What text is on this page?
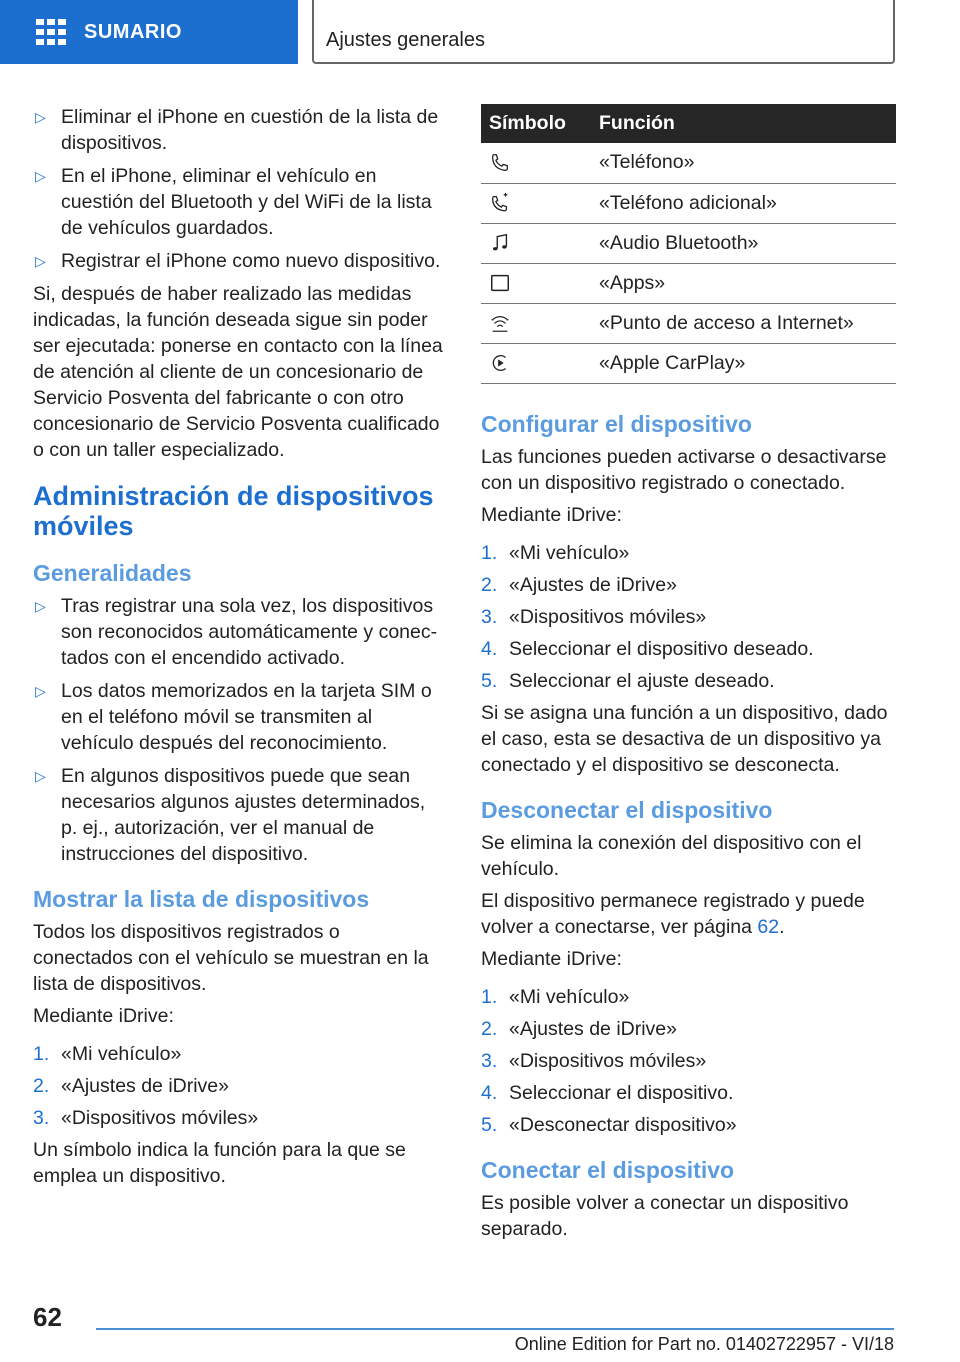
SUMARIO	Ajustes generales
▷ Eliminar el iPhone en cuestión de la lista de dispositivos.
▷ En el iPhone, eliminar el vehículo en cuestión del Bluetooth y del WiFi de la lista de vehículos guardados.
▷ Registrar el iPhone como nuevo dispositivo.

Si, después de haber realizado las medidas indicadas, la función deseada sigue sin poder ser ejecutada: ponerse en contacto con la línea de atención al cliente de un concesionario de Servicio Posventa del fabricante o con otro concesionario de Servicio Posventa cualificado o con un taller especializado.

Administración de dispositivos móviles
Generalidades
▷ Tras registrar una sola vez, los dispositivos son reconocidos automáticamente y conectados con el encendido activado.
▷ Los datos memorizados en la tarjeta SIM o en el teléfono móvil se transmiten al vehículo después del reconocimiento.
▷ En algunos dispositivos puede que sean necesarios algunos ajustes determinados, p. ej., autorización, ver el manual de instrucciones del dispositivo.
Mostrar la lista de dispositivos

Todos los dispositivos registrados o conectados con el vehículo se muestran en la lista de dispositivos.

Mediante iDrive:

1. «Mi vehículo»
2. «Ajustes de iDrive»
3. «Dispositivos móviles»

Un símbolo indica la función para la que se emplea un dispositivo.

Símbolo	Función

	«Teléfono»

	«Teléfono adicional»

	«Audio Bluetooth»

	«Apps»

	«Punto de acceso a Internet»

	«Apple CarPlay»
Configurar el dispositivo

Las funciones pueden activarse o desactivarse con un dispositivo registrado o conectado.

Mediante iDrive:

1. «Mi vehículo»
2. «Ajustes de iDrive»
3. «Dispositivos móviles»
4. Seleccionar el dispositivo deseado.
5. Seleccionar el ajuste deseado.

Si se asigna una función a un dispositivo, dado el caso, esta se desactiva de un dispositivo ya conectado y el dispositivo se desconecta.

Desconectar el dispositivo

Se elimina la conexión del dispositivo con el vehículo.

El dispositivo permanece registrado y puede volver a conectarse, ver página 62.

Mediante iDrive:

1. «Mi vehículo»
2. «Ajustes de iDrive»
3. «Dispositivos móviles»
4. Seleccionar el dispositivo.
5. «Desconectar dispositivo»
Conectar el dispositivo

Es posible volver a conectar un dispositivo separado.

62
Online Edition for Part no. 01402722957 - VI/18
